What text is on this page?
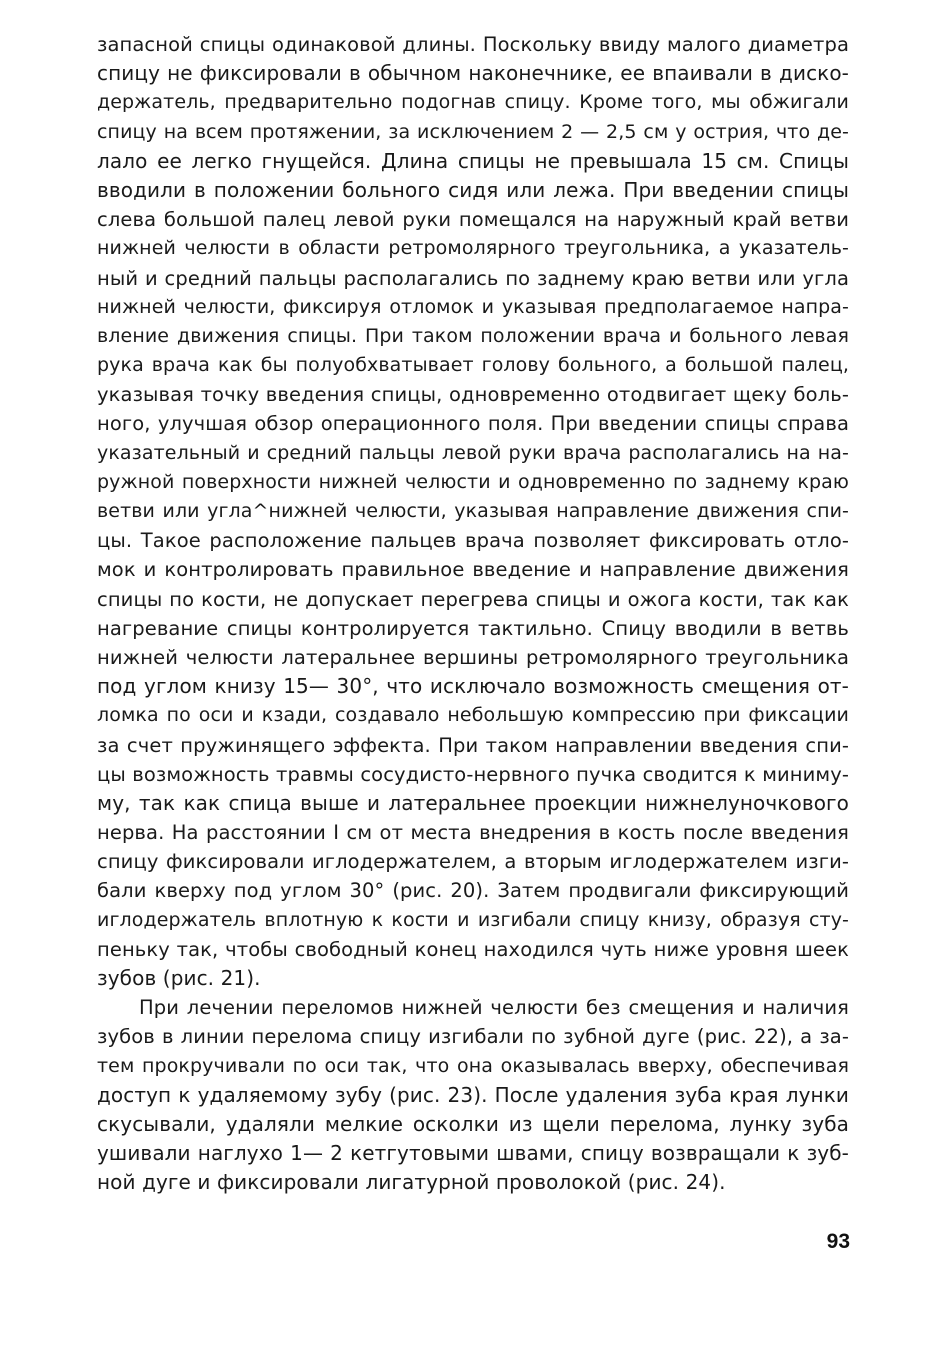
запасной спицы одинаковой длины. Поскольку ввиду малого диаметра
спицу не фиксировали в обычном наконечнике, ее впаивали в диско-
держатель, предварительно подогнав спицу. Кроме того, мы обжигали
спицу на всем протяжении, за исключением 2 — 2,5 см у острия, что де-
лало ее легко гнущейся. Длина спицы не превышала 15 см. Спицы
вводили в положении больного сидя или лежа. При введении спицы
слева большой палец левой руки помещался на наружный край ветви
нижней челюсти в области ретромолярного треугольника, а указатель-
ный и средний пальцы располагались по заднему краю ветви или угла
нижней челюсти, фиксируя отломок и указывая предполагаемое напра-
вление движения спицы. При таком положении врача и больного левая
рука врача как бы полуобхватывает голову больного, а большой палец,
указывая точку введения спицы, одновременно отодвигает щеку боль-
ного, улучшая обзор операционного поля. При введении спицы справа
указательный и средний пальцы левой руки врача располагались на на-
ружной поверхности нижней челюсти и одновременно по заднему краю
ветви или угла^нижней челюсти, указывая направление движения спи-
цы. Такое расположение пальцев врача позволяет фиксировать отло-
мок и контролировать правильное введение и направление движения
спицы по кости, не допускает перегрева спицы и ожога кости, так как
нагревание спицы контролируется тактильно. Спицу вводили в ветвь
нижней челюсти латеральнее вершины ретромолярного треугольника
под углом книзу 15— 30°, что исключало возможность смещения от-
ломка по оси и кзади, создавало небольшую компрессию при фиксации
за счет пружинящего эффекта. При таком направлении введения спи-
цы возможность травмы сосудисто-нервного пучка сводится к миниму-
му, так как спица выше и латеральнее проекции нижнелуночкового
нерва. На расстоянии I см от места внедрения в кость после введения
спицу фиксировали иглодержателем, а вторым иглодержателем изги-
бали кверху под углом 30° (рис. 20). Затем продвигали фиксирующий
иглодержатель вплотную к кости и изгибали спицу книзу, образуя сту-
пеньку так, чтобы свободный конец находился чуть ниже уровня шеек
зубов (рис. 21).
При лечении переломов нижней челюсти без смещения и наличия
зубов в линии перелома спицу изгибали по зубной дуге (рис. 22), а за-
тем прокручивали по оси так, что она оказывалась вверху, обеспечивая
доступ к удаляемому зубу (рис. 23). После удаления зуба края лунки
скусывали, удаляли мелкие осколки из щели перелома, лунку зуба
ушивали наглухо 1— 2 кетгутовыми швами, спицу возвращали к зуб-
ной дуге и фиксировали лигатурной проволокой (рис. 24).
93
